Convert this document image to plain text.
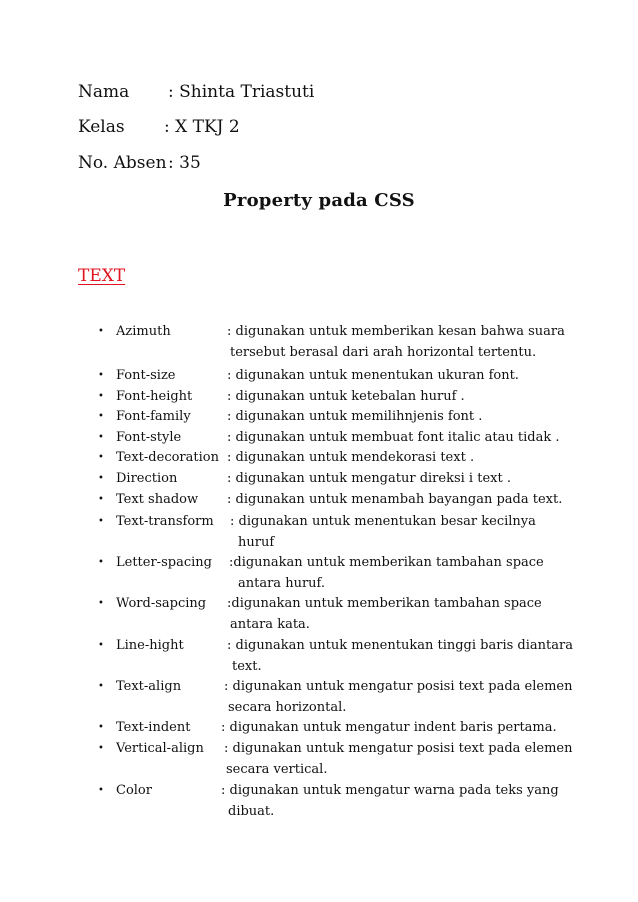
Nama : Shinta Triastuti
Kelas : X TKJ 2
No. Absen: 35
Property pada CSS
TEXT
• Azimuth	: digunakan untuk memberikan kesan bahwa suara
tersebut berasal dari arah horizontal tertentu.
• Font-size	: digunakan untuk menentukan ukuran font.
• Font-height	: digunakan untuk ketebalan huruf .
• Font-family	: digunakan untuk memilihnjenis font .
• Font-style	: digunakan untuk membuat font italic atau tidak .
• Text-decoration : digunakan untuk mendekorasi text .
• Direction	: digunakan untuk mengatur direksi i text .
• Text shadow : digunakan untuk menambah bayangan pada text.
• Text-transform : digunakan untuk menentukan besar kecilnya
huruf
• Letter-spacing :digunakan untuk memberikan tambahan space
antara huruf.
• Word-sapcing :digunakan untuk memberikan tambahan space
antara kata.
• Line-hight	: digunakan untuk menentukan tinggi baris diantara
text.
• Text-align	: digunakan untuk mengatur posisi text pada elemen
secara horizontal.
• Text-indent : digunakan untuk mengatur indent baris pertama.
• Vertical-align : digunakan untuk mengatur posisi text pada elemen
secara vertical.
• Color	: digunakan untuk mengatur warna pada teks yang
dibuat.
